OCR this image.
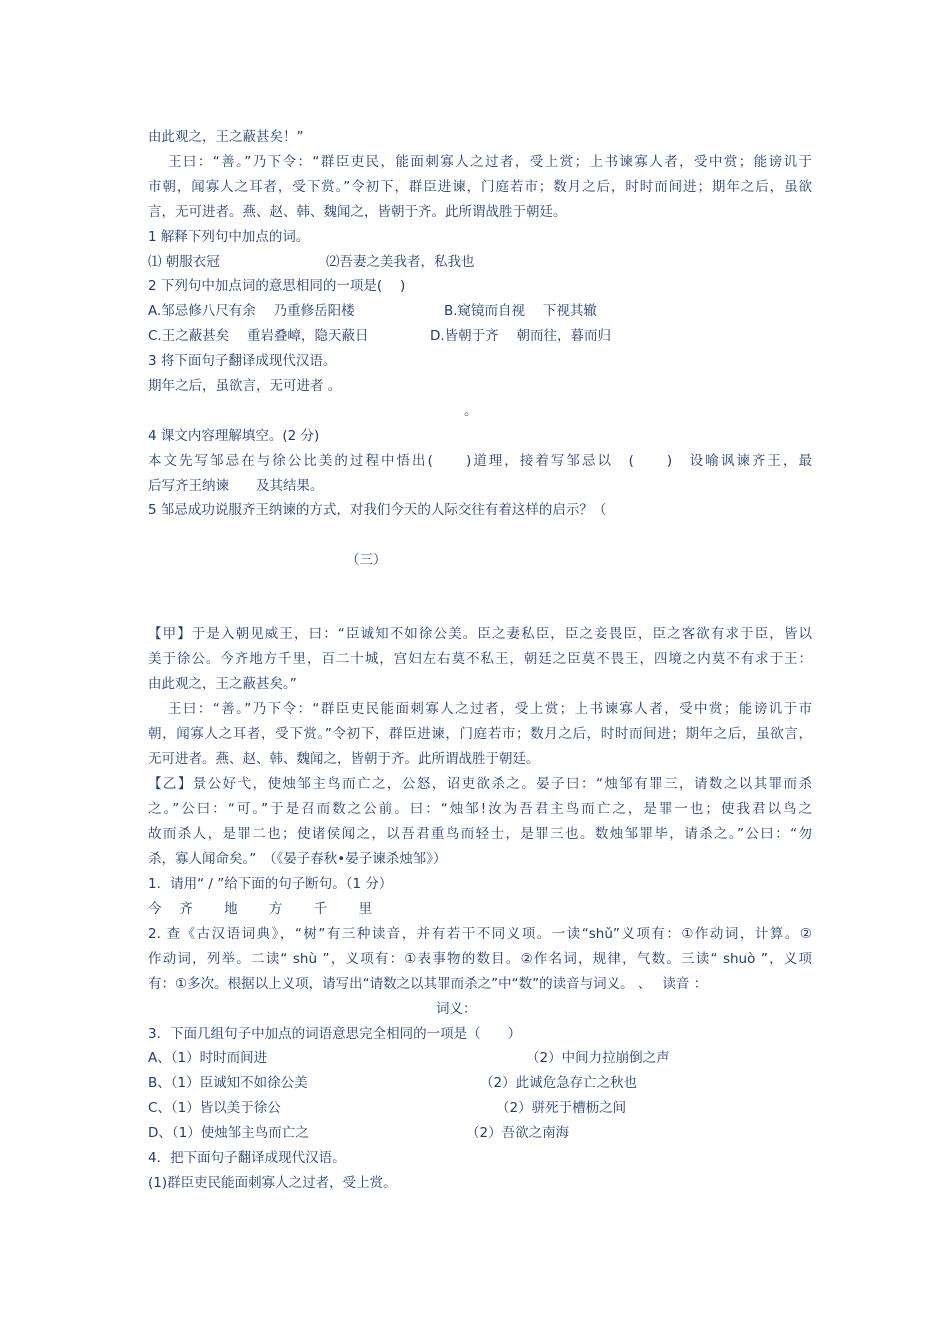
由此观之，王之蔽甚矣！”
王曰：“善。”乃下令：“群臣吏民，能面刺寡人之过者，受上赏；上书谏寡人者，受中赏；能谤讥于
市朝，闻寡人之耳者，受下赏。”令初下，群臣进谏，门庭若市；数月之后，时时而间进；期年之后，虽欲
言，无可进者。燕、赵、韩、魏闻之，皆朝于齐。此所谓战胜于朝廷。
1 解释下列句中加点的词。
⑴ 朝服衣冠	⑵吾妻之美我者，私我也
2 下列句中加点词的意思相同的一项是(　 )
A.邹忌修八尺有余　 乃重修岳阳楼	B.窥镜而自视　 下视其辙
C.王之蔽甚矣　 重岩叠嶂，隐天蔽日	D.皆朝于齐　 朝而往，暮而归
3 将下面句子翻译成现代汉语。
期年之后，虽欲言，无可进者 。
。
4 课文内容理解填空。(2 分)
本文先写邹忌在与徐公比美的过程中悟出(　　)道理，接着写邹忌以　(　　)　设喻讽谏齐王，最
后写齐王纳谏　　及其结果。
5 邹忌成功说服齐王纳谏的方式，对我们今天的人际交往有着这样的启示？（
（三）
【甲】于是入朝见威王，曰：“臣诚知不如徐公美。臣之妻私臣，臣之妾畏臣，臣之客欲有求于臣，皆以
美于徐公。今齐地方千里，百二十城，宫妇左右莫不私王，朝廷之臣莫不畏王，四境之内莫不有求于王：
由此观之，王之蔽甚矣。”
王曰：“善。”乃下令：“群臣吏民能面刺寡人之过者，受上赏；上书谏寡人者，受中赏；能谤讥于市
朝，闻寡人之耳者，受下赏。”令初下，群臣进谏，门庭若市；数月之后，时时而间进；期年之后，虽欲言，
无可进者。燕、赵、韩、魏闻之，皆朝于齐。此所谓战胜于朝廷。
【乙】景公好弋，使烛邹主鸟而亡之，公怒，诏吏欲杀之。晏子曰：“烛邹有罪三，请数之以其罪而杀
之。”公曰：“可。”于是召而数之公前。曰：“烛邹!汝为吾君主鸟而亡之，是罪一也；使我君以鸟之
故而杀人，是罪二也；使诸侯闻之，以吾君重鸟而轻士，是罪三也。数烛邹罪毕，请杀之。”公曰：“勿
杀，寡人闻命矣。”　（《晏子春秋•晏子谏杀烛邹》）
1．请用“ / ”给下面的句子断句。（1 分）
今　 齐　　 地　　 方　　 千　　 里
2. 查《古汉语词典》，“树”有三种读音，并有若干不同义项。一读“shǔ”义项有：①作动词，计算。②
作动词，列举。二读“ shù ”，义项有：①表事物的数目。②作名词，规律，气数。三读“ shuò ”，义项
有：①多次。根据以上义项，请写出“请数之以其罪而杀之”中“数”的读音与词义。 、　 读音 ：
词义：
3．下面几组句子中加点的词语意思完全相同的一项是（　　）
A、（1）时时而间进	（2）中间力拉崩倒之声
B、（1）臣诚知不如徐公美	（2）此诚危急存亡之秋也
C、（1）皆以美于徐公	（2）骈死于槽枥之间
D、（1）使烛邹主鸟而亡之	（2）吾欲之南海
4．把下面句子翻译成现代汉语。
(1)群臣吏民能面刺寡人之过者，受上赏。
